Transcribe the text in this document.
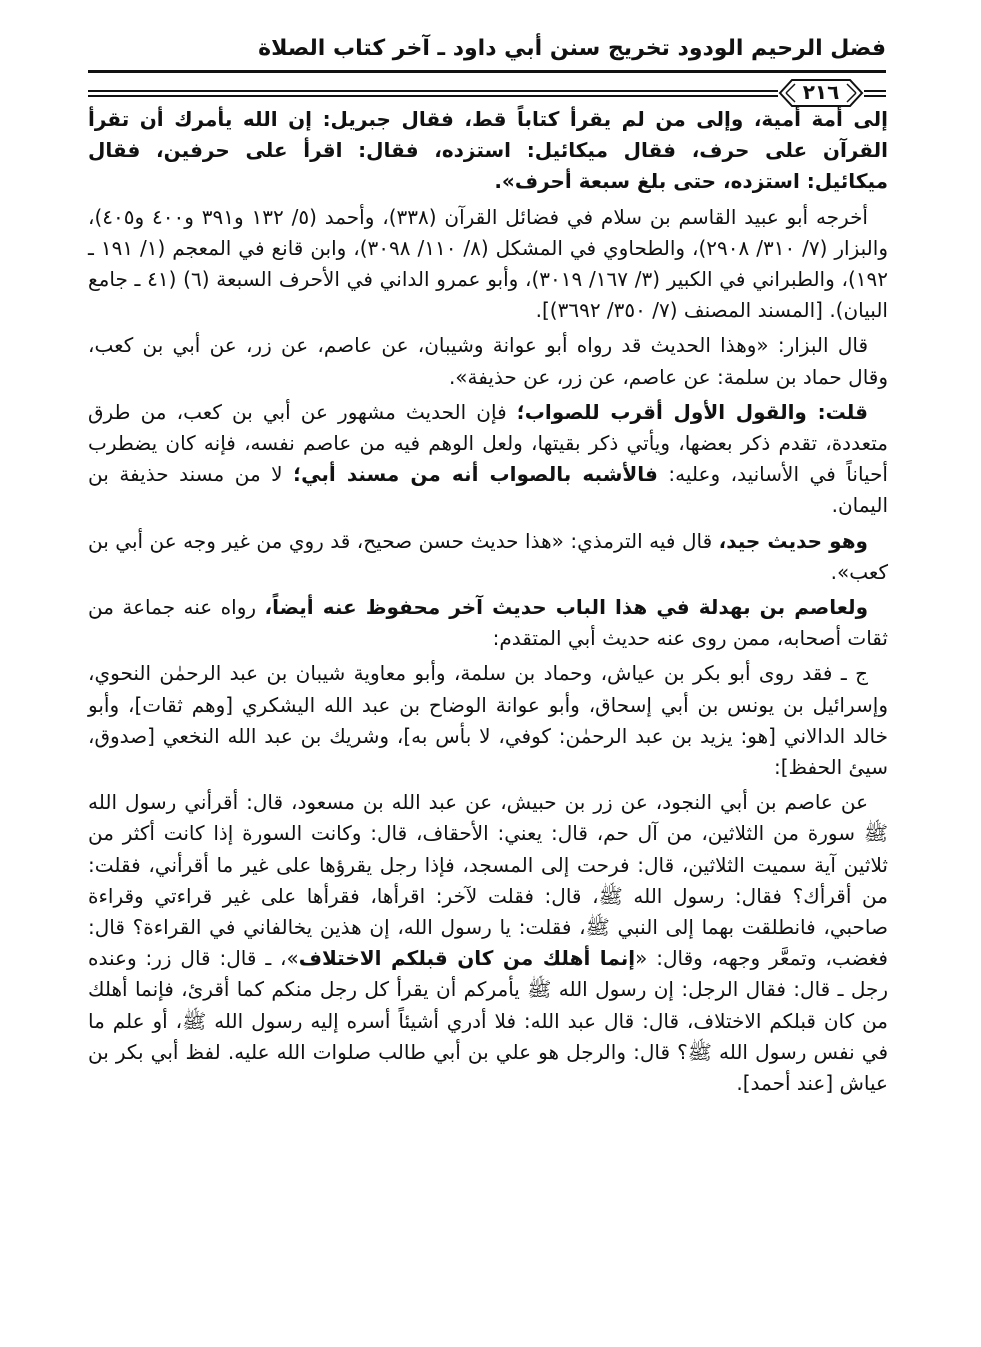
فضل الرحيم الودود تخريج سنن أبي داود ـ آخر كتاب الصلاة
٢١٦

إلى أمة أمية، وإلى من لم يقرأ كتاباً قط، فقال جبريل: إن الله يأمرك أن تقرأ القرآن على حرف، فقال ميكائيل: استزده، فقال: اقرأ على حرفين، فقال ميكائيل: استزده، حتى بلغ سبعة أحرف».

أخرجه أبو عبيد القاسم بن سلام في فضائل القرآن (٣٣٨)، وأحمد (٥/ ١٣٢ و٣٩١ و٤٠٠ و٤٠٥)، والبزار (٧/ ٣١٠/ ٢٩٠٨)، والطحاوي في المشكل (٨/ ١١٠/ ٣٠٩٨)، وابن قانع في المعجم (١/ ١٩١ ـ ١٩٢)، والطبراني في الكبير (٣/ ١٦٧/ ٣٠١٩)، وأبو عمرو الداني في الأحرف السبعة (٦) (٤١ ـ جامع البيان). [المسند المصنف (٧/ ٣٥٠/ ٣٦٩٢)].

قال البزار: «وهذا الحديث قد رواه أبو عوانة وشيبان، عن عاصم، عن زر، عن أبي بن كعب، وقال حماد بن سلمة: عن عاصم، عن زر، عن حذيفة».

قلت: والقول الأول أقرب للصواب؛ فإن الحديث مشهور عن أبي بن كعب، من طرق متعددة، تقدم ذكر بعضها، ويأتي ذكر بقيتها، ولعل الوهم فيه من عاصم نفسه، فإنه كان يضطرب أحياناً في الأسانيد، وعليه: فالأشبه بالصواب أنه من مسند أبي؛ لا من مسند حذيفة بن اليمان.

وهو حديث جيد، قال فيه الترمذي: «هذا حديث حسن صحيح، قد روي من غير وجه عن أبي بن كعب».

ولعاصم بن بهدلة في هذا الباب حديث آخر محفوظ عنه أيضاً، رواه عنه جماعة من ثقات أصحابه، ممن روى عنه حديث أبي المتقدم:

ج ـ فقد روى أبو بكر بن عياش، وحماد بن سلمة، وأبو معاوية شيبان بن عبد الرحمٰن النحوي، وإسرائيل بن يونس بن أبي إسحاق، وأبو عوانة الوضاح بن عبد الله اليشكري [وهم ثقات]، وأبو خالد الدالاني [هو: يزيد بن عبد الرحمٰن: كوفي، لا بأس به]، وشريك بن عبد الله النخعي [صدوق، سيئ الحفظ]:

عن عاصم بن أبي النجود، عن زر بن حبيش، عن عبد الله بن مسعود، قال: أقرأني رسول الله ﷺ سورة من الثلاثين، من آل حم، قال: يعني: الأحقاف، قال: وكانت السورة إذا كانت أكثر من ثلاثين آية سميت الثلاثين، قال: فرحت إلى المسجد، فإذا رجل يقرؤها على غير ما أقرأني، فقلت: من أقرأك؟ فقال: رسول الله ﷺ، قال: فقلت لآخر: اقرأها، فقرأها على غير قراءتي وقراءة صاحبي، فانطلقت بهما إلى النبي ﷺ، فقلت: يا رسول الله، إن هذين يخالفاني في القراءة؟ قال: فغضب، وتمعَّر وجهه، وقال: «إنما أهلك من كان قبلكم الاختلاف»، ـ قال: قال زر: وعنده رجل ـ قال: فقال الرجل: إن رسول الله ﷺ يأمركم أن يقرأ كل رجل منكم كما أقرئ، فإنما أهلك من كان قبلكم الاختلاف، قال: قال عبد الله: فلا أدري أشيئاً أسره إليه رسول الله ﷺ، أو علم ما في نفس رسول الله ﷺ؟ قال: والرجل هو علي بن أبي طالب صلوات الله عليه. لفظ أبي بكر بن عياش [عند أحمد].
